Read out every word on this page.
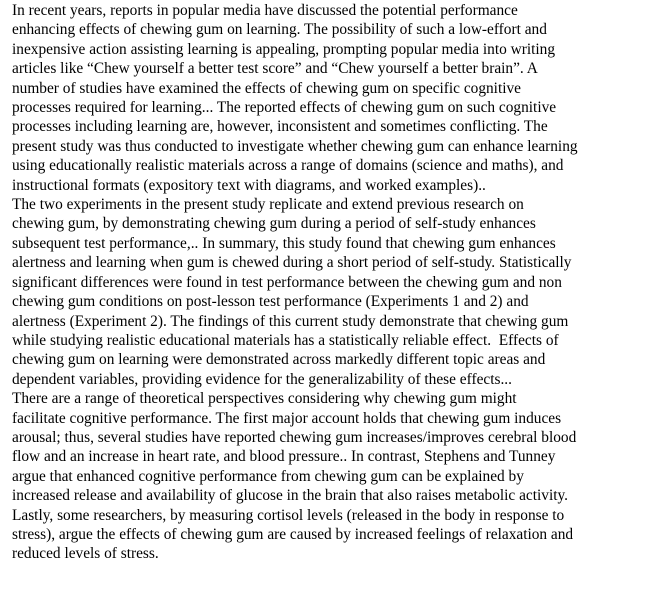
In recent years, reports in popular media have discussed the potential performance
enhancing effects of chewing gum on learning. The possibility of such a low-effort and
inexpensive action assisting learning is appealing, prompting popular media into writing
articles like “Chew yourself a better test score” and “Chew yourself a better brain”. A
number of studies have examined the effects of chewing gum on specific cognitive
processes required for learning... The reported effects of chewing gum on such cognitive
processes including learning are, however, inconsistent and sometimes conflicting. The
present study was thus conducted to investigate whether chewing gum can enhance learning
using educationally realistic materials across a range of domains (science and maths), and
instructional formats (expository text with diagrams, and worked examples)..
The two experiments in the present study replicate and extend previous research on
chewing gum, by demonstrating chewing gum during a period of self-study enhances
subsequent test performance,.. In summary, this study found that chewing gum enhances
alertness and learning when gum is chewed during a short period of self-study. Statistically
significant differences were found in test performance between the chewing gum and non
chewing gum conditions on post-lesson test performance (Experiments 1 and 2) and
alertness (Experiment 2). The findings of this current study demonstrate that chewing gum
while studying realistic educational materials has a statistically reliable effect.  Effects of
chewing gum on learning were demonstrated across markedly different topic areas and
dependent variables, providing evidence for the generalizability of these effects...
There are a range of theoretical perspectives considering why chewing gum might
facilitate cognitive performance. The first major account holds that chewing gum induces
arousal; thus, several studies have reported chewing gum increases/improves cerebral blood
flow and an increase in heart rate, and blood pressure.. In contrast, Stephens and Tunney
argue that enhanced cognitive performance from chewing gum can be explained by
increased release and availability of glucose in the brain that also raises metabolic activity.
Lastly, some researchers, by measuring cortisol levels (released in the body in response to
stress), argue the effects of chewing gum are caused by increased feelings of relaxation and
reduced levels of stress.
